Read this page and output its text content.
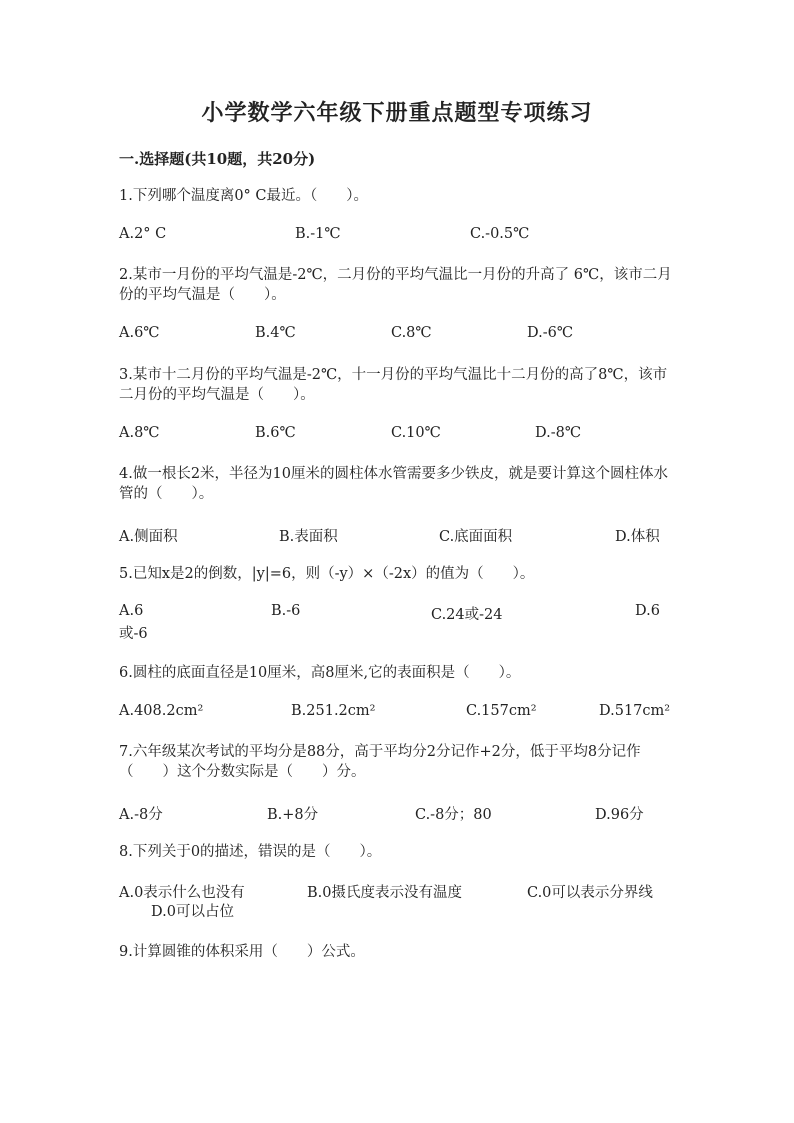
小学数学六年级下册重点题型专项练习
一.选择题(共10题，共20分)
1.下列哪个温度离0° C最近。（　　）。
A.2° C	B.-1℃	C.-0.5℃
2.某市一月份的平均气温是-2℃，二月份的平均气温比一月份的升高了 6℃，该市二月份的平均气温是（　　）。
A.6℃	B.4℃	C.8℃	D.-6℃
3.某市十二月份的平均气温是-2℃，十一月份的平均气温比十二月份的高了8℃，该市二月份的平均气温是（　　）。
A.8℃	B.6℃	C.10℃	D.-8℃
4.做一根长2米，半径为10厘米的圆柱体水管需要多少铁皮，就是要计算这个圆柱体水管的（　　）。
A.侧面积	B.表面积	C.底面面积	D.体积
5.已知x是2的倒数，|y|=6，则（-y）×（-2x）的值为（　　）。
A.6	B.-6	C.24或-24	D.6
或-6
6.圆柱的底面直径是10厘米，高8厘米,它的表面积是（　　）。
A.408.2cm²	B.251.2cm²	C.157cm²	D.517cm²
7.六年级某次考试的平均分是88分，高于平均分2分记作+2分，低于平均8分记作（　　）这个分数实际是（　　）分。
A.-8分	B.+8分	C.-8分；80	D.96分
8.下列关于0的描述，错误的是（　　）。
A.0表示什么也没有	B.0摄氏度表示没有温度	C.0可以表示分界线
D.0可以占位
9.计算圆锥的体积采用（　　）公式。
